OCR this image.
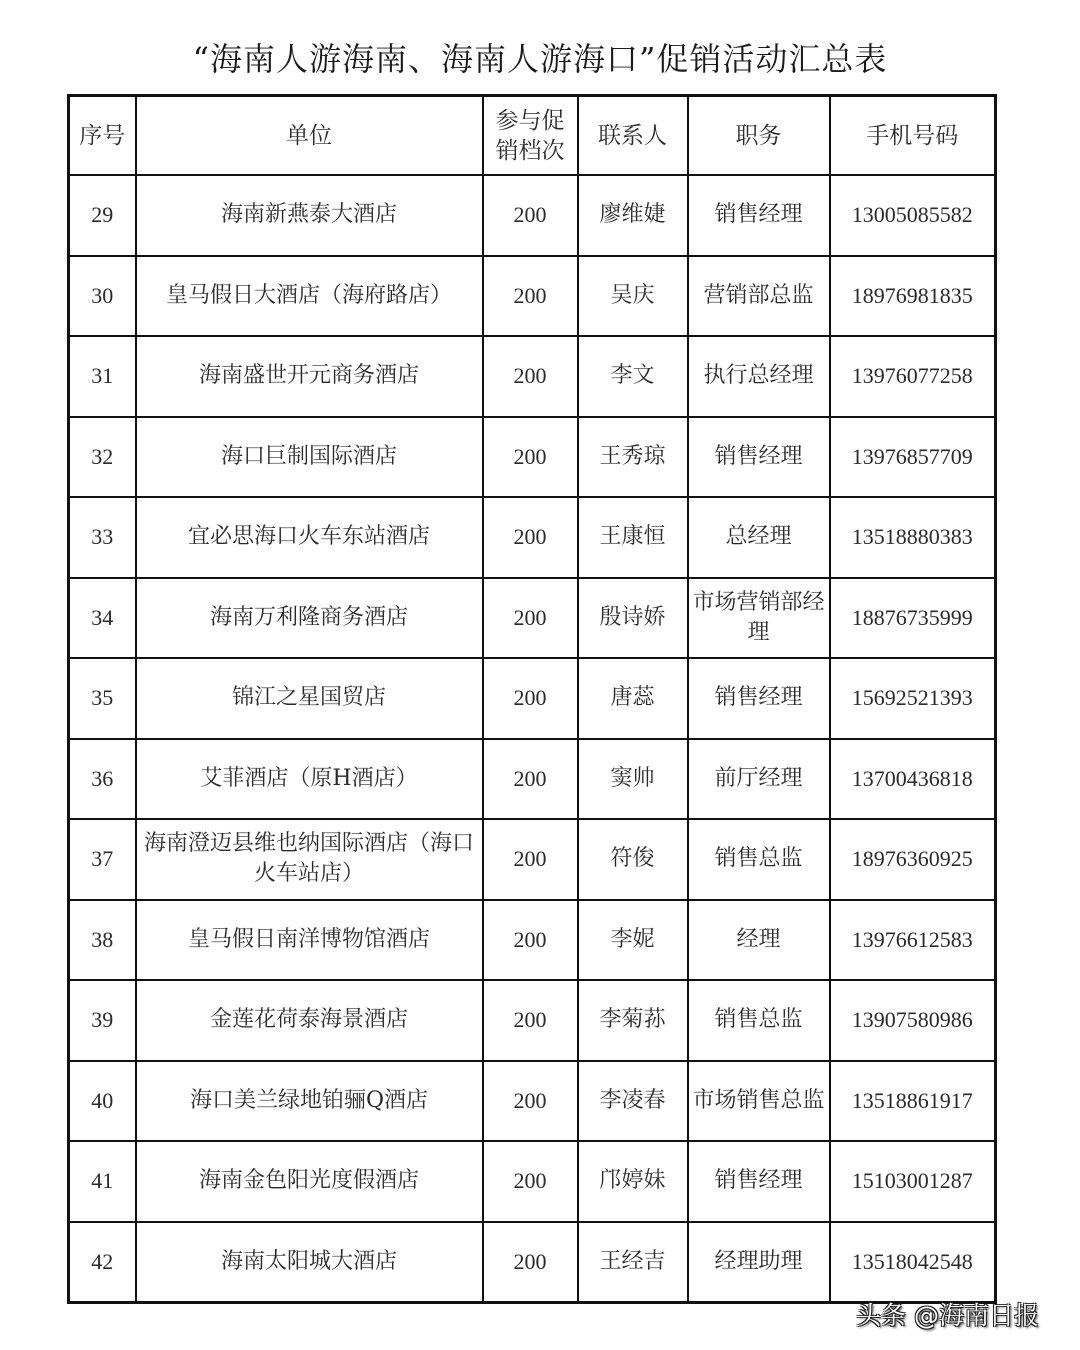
“海南人游海南、海南人游海口”促销活动汇总表
序号	单位	参与促销档次	联系人	职务	手机号码
29	海南新燕泰大酒店	200	廖维婕	销售经理	13005085582
30	皇马假日大酒店（海府路店）	200	吴庆	营销部总监	18976981835
31	海南盛世开元商务酒店	200	李文	执行总经理	13976077258
32	海口巨制国际酒店	200	王秀琼	销售经理	13976857709
33	宜必思海口火车东站酒店	200	王康恒	总经理	13518880383
34	海南万利隆商务酒店	200	殷诗娇	市场营销部经理	18876735999
35	锦江之星国贸店	200	唐蕊	销售经理	15692521393
36	艾菲酒店（原H酒店）	200	窦帅	前厅经理	13700436818
37	海南澄迈县维也纳国际酒店（海口火车站店）	200	符俊	销售总监	18976360925
38	皇马假日南洋博物馆酒店	200	李妮	经理	13976612583
39	金莲花荷泰海景酒店	200	李菊荪	销售总监	13907580986
40	海口美兰绿地铂骊Q酒店	200	李凌春	市场销售总监	13518861917
41	海南金色阳光度假酒店	200	邝婷妹	销售经理	15103001287
42	海南太阳城大酒店	200	王经吉	经理助理	13518042548
头条 @海南日报
